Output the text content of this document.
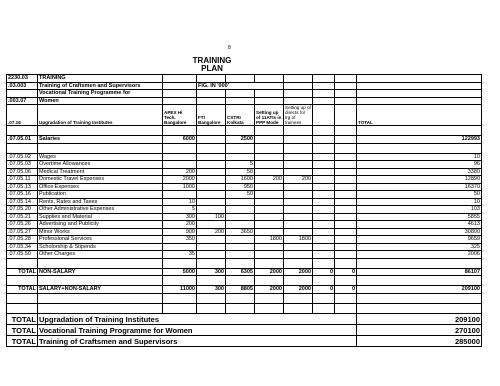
8
TRAINING
PLAN
2230.03	TRAINING								
.03.003	Training of Craftsmen and Supervisors		FIG. IN '000'						
	Vocational Training Programme for								
.003.07	Women								
.07.16	Upgradation of Training Institutes	APEX Hi Tech. Bangalore	FTI Bangalore	CSTRI Kolkata	Setting up of 11ATIs in PPP Mode	Setting up of directs for trg of trainees.			TOTAL

.07.05.01	Salaries	6000		2500					122993

.07.05.02	Wages								10
.07.05.03	Overtime Allowances			5					96
.07.05.06	Medical Treatment	200		50					3380
.07.05.11	Domestic Travel Expenses	2000		1600	200	200			12890
.07.05.13	Office Expenses	1000		950					16370
.07.05.16	Publication			50					50
.07.05.14	Rents, Rates and Taxes	10							10
.07.05.20	Other Administrative Expenses	5							103
.07.05.21	Supplies and Material	300	100						5855
.07.05.26	Advertising and Publicity	200							4613
.07.05.27	Minor Works	900	200	3650					30800
.07.05.28	Professional Services	350			1800	1800			9659
.07.05.34	Scholorship & Stipends								325
.07.05.50	Other Charges	35							2006

TOTAL	NON-SALARY	5000	300	6305	2000	2000	0	0	86107

TOTAL	SALARY+NON-SALARY	11000	300	8805	2000	2000	0	0	209100

TOTAL	Upgradation of Training Institutes								209100
TOTAL	Vocational Training Programme for Women								270100
TOTAL	Training of Craftsmen and Supervisors								285000
